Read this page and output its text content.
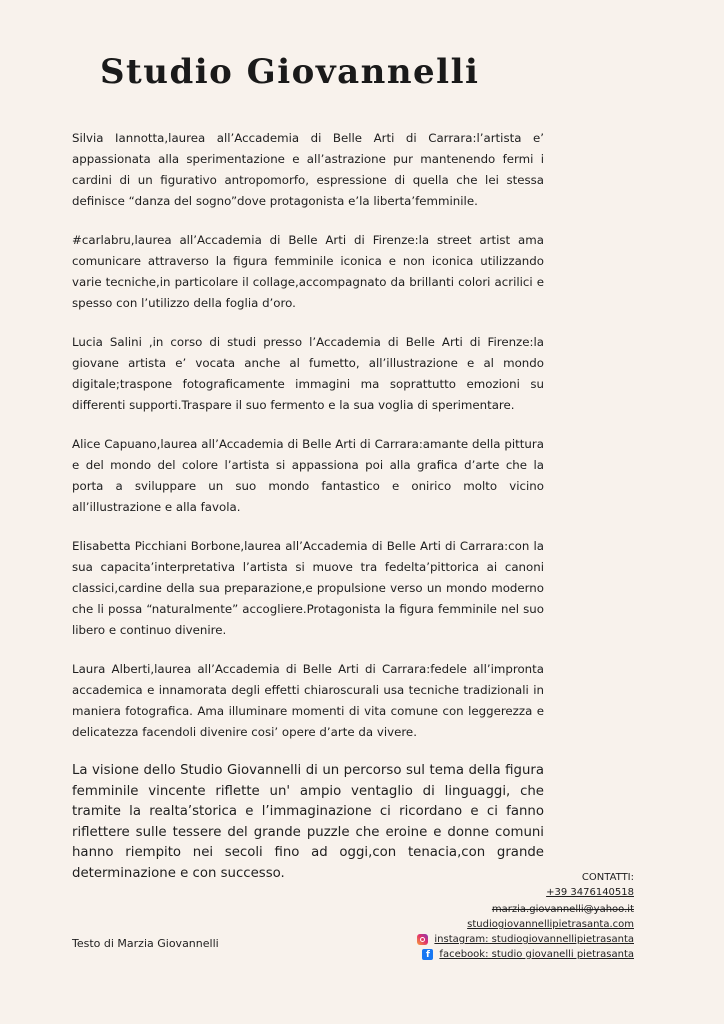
Studio Giovannelli

Silvia Iannotta,laurea all’Accademia di Belle Arti di Carrara:l’artista e’ appassionata alla sperimentazione e all’astrazione pur mantenendo fermi i cardini di un figurativo antropomorfo, espressione di quella che lei stessa definisce “danza del sogno”dove protagonista e’la liberta’femminile.

#carlabru,laurea all’Accademia di Belle Arti di Firenze:la street artist ama comunicare attraverso la figura femminile iconica e non iconica utilizzando varie tecniche,in particolare il collage,accompagnato da brillanti colori acrilici e spesso con l’utilizzo della foglia d’oro.

Lucia Salini ,in corso di studi presso l’Accademia di Belle Arti di Firenze:la giovane artista e’ vocata anche al fumetto, all’illustrazione e al mondo digitale;traspone fotograficamente immagini ma soprattutto emozioni su differenti supporti.Traspare il suo fermento e la sua voglia di sperimentare.

Alice Capuano,laurea all’Accademia di Belle Arti di Carrara:amante della pittura e del mondo del colore l’artista si appassiona poi alla grafica d’arte che la porta a sviluppare un suo mondo fantastico e onirico molto vicino all’illustrazione e alla favola.

Elisabetta Picchiani Borbone,laurea all’Accademia di Belle Arti di Carrara:con la sua capacita’interpretativa l’artista si muove tra fedelta’pittorica ai canoni classici,cardine della sua preparazione,e propulsione verso un mondo moderno che li possa “naturalmente” accogliere.Protagonista la figura femminile nel suo libero e continuo divenire.

Laura Alberti,laurea all’Accademia di Belle Arti di Carrara:fedele all’impronta accademica e innamorata degli effetti chiaroscurali usa tecniche tradizionali in maniera fotografica. Ama illuminare momenti di vita comune con leggerezza e delicatezza facendoli divenire cosi’ opere d’arte da vivere.

La visione dello Studio Giovannelli di un percorso sul tema della figura femminile vincente riflette un' ampio ventaglio di linguaggi, che tramite la realta’storica e l’immaginazione ci ricordano e ci fanno riflettere sulle tessere del grande puzzle che eroine e donne comuni hanno riempito nei secoli fino ad oggi,con tenacia,con grande determinazione e con successo.

Testo di Marzia Giovannelli
CONTATTI:
+39 3476140518
marzia.giovannelli@yahoo.it
studiogiovannellipietrasanta.com
instagram: studiogiovannellipietrasanta
f facebook: studio giovanelli pietrasanta
